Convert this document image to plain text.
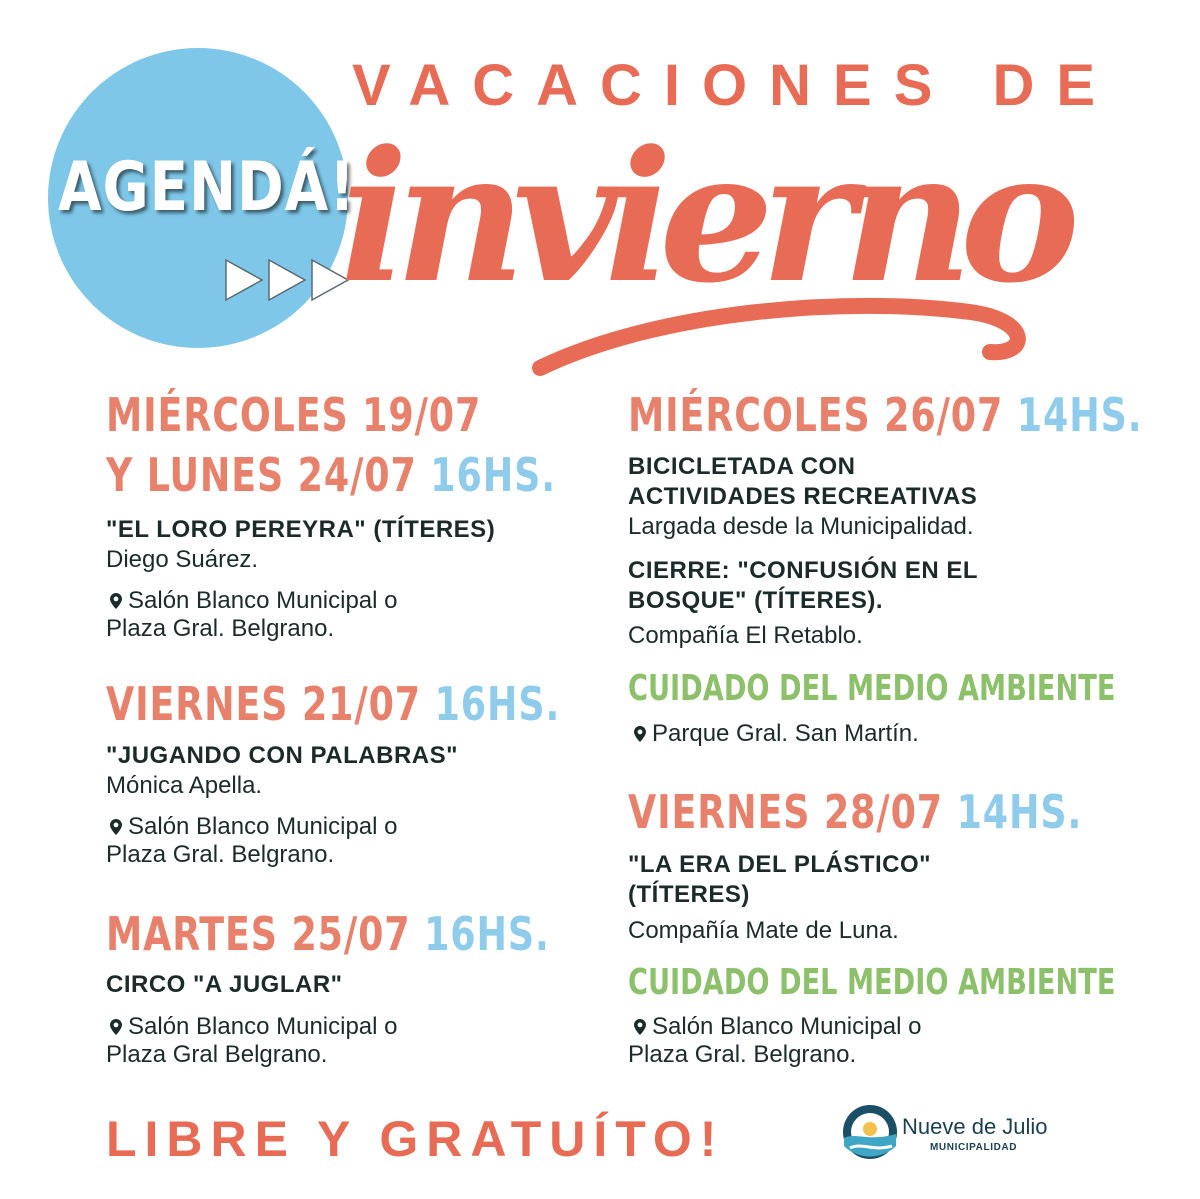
AGENDÁ!
VACACIONES DE
invierno
MIÉRCOLES 19/07
Y LUNES 24/07 16HS.
"EL LORO PEREYRA" (TÍTERES)
Diego Suárez.
Salón Blanco Municipal o
Plaza Gral. Belgrano.
VIERNES 21/07 16HS.
"JUGANDO CON PALABRAS"
Mónica Apella.
Salón Blanco Municipal o
Plaza Gral. Belgrano.
MARTES 25/07 16HS.
CIRCO "A JUGLAR"
Salón Blanco Municipal o
Plaza Gral Belgrano.
MIÉRCOLES 26/07 14HS.
BICICLETADA CON
ACTIVIDADES RECREATIVAS
Largada desde la Municipalidad.
CIERRE: "CONFUSIÓN EN EL
BOSQUE" (TÍTERES).
Compañía El Retablo.
CUIDADO DEL MEDIO AMBIENTE
Parque Gral. San Martín.
VIERNES 28/07 14HS.
"LA ERA DEL PLÁSTICO"
(TÍTERES)
Compañía Mate de Luna.
CUIDADO DEL MEDIO AMBIENTE
Salón Blanco Municipal o
Plaza Gral. Belgrano.
LIBRE Y GRATUÍTO!	Nueve de Julio
MUNICIPALIDAD
